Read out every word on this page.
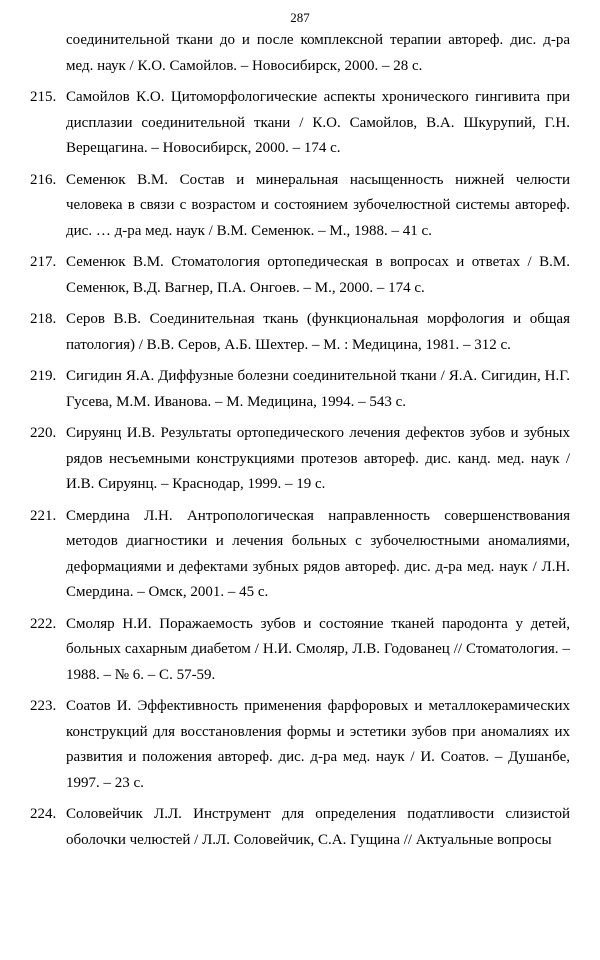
287
соединительной ткани до и после комплексной терапии автореф. дис. д-ра мед. наук / К.О. Самойлов. – Новосибирск, 2000. – 28 с.
215. Самойлов К.О. Цитоморфологические аспекты хронического гингивита при дисплазии соединительной ткани / К.О. Самойлов, В.А. Шкурупий, Г.Н. Верещагина. – Новосибирск, 2000. – 174 с.
216. Семенюк В.М. Состав и минеральная насыщенность нижней челюсти человека в связи с возрастом и состоянием зубочелюстной системы автореф. дис. … д-ра мед. наук / В.М. Семенюк. – М., 1988. – 41 с.
217. Семенюк В.М. Стоматология ортопедическая в вопросах и ответах / В.М. Семенюк, В.Д. Вагнер, П.А. Онгоев. – М., 2000. – 174 с.
218. Серов В.В. Соединительная ткань (функциональная морфология и общая патология) / В.В. Серов, А.Б. Шехтер. – М. : Медицина, 1981. – 312 с.
219. Сигидин Я.А. Диффузные болезни соединительной ткани / Я.А. Сигидин, Н.Г. Гусева, М.М. Иванова. – М. Медицина, 1994. – 543 с.
220. Сируянц И.В. Результаты ортопедического лечения дефектов зубов и зубных рядов несъемными конструкциями протезов автореф. дис. канд. мед. наук / И.В. Сируянц. – Краснодар, 1999. – 19 с.
221. Смердина Л.Н. Антропологическая направленность совершенствования методов диагностики и лечения больных с зубочелюстными аномалиями, деформациями и дефектами зубных рядов автореф. дис. д-ра мед. наук / Л.Н. Смердина. – Омск, 2001. – 45 с.
222. Смоляр Н.И. Поражаемость зубов и состояние тканей пародонта у детей, больных сахарным диабетом / Н.И. Смоляр, Л.В. Годованец // Стоматология. – 1988. – № 6. – С. 57-59.
223. Соатов И. Эффективность применения фарфоровых и металлокерамических конструкций для восстановления формы и эстетики зубов при аномалиях их развития и положения автореф. дис. д-ра мед. наук / И. Соатов. – Душанбе, 1997. – 23 с.
224. Соловейчик Л.Л. Инструмент для определения податливости слизистой оболочки челюстей / Л.Л. Соловейчик, С.А. Гущина // Актуальные вопросы
